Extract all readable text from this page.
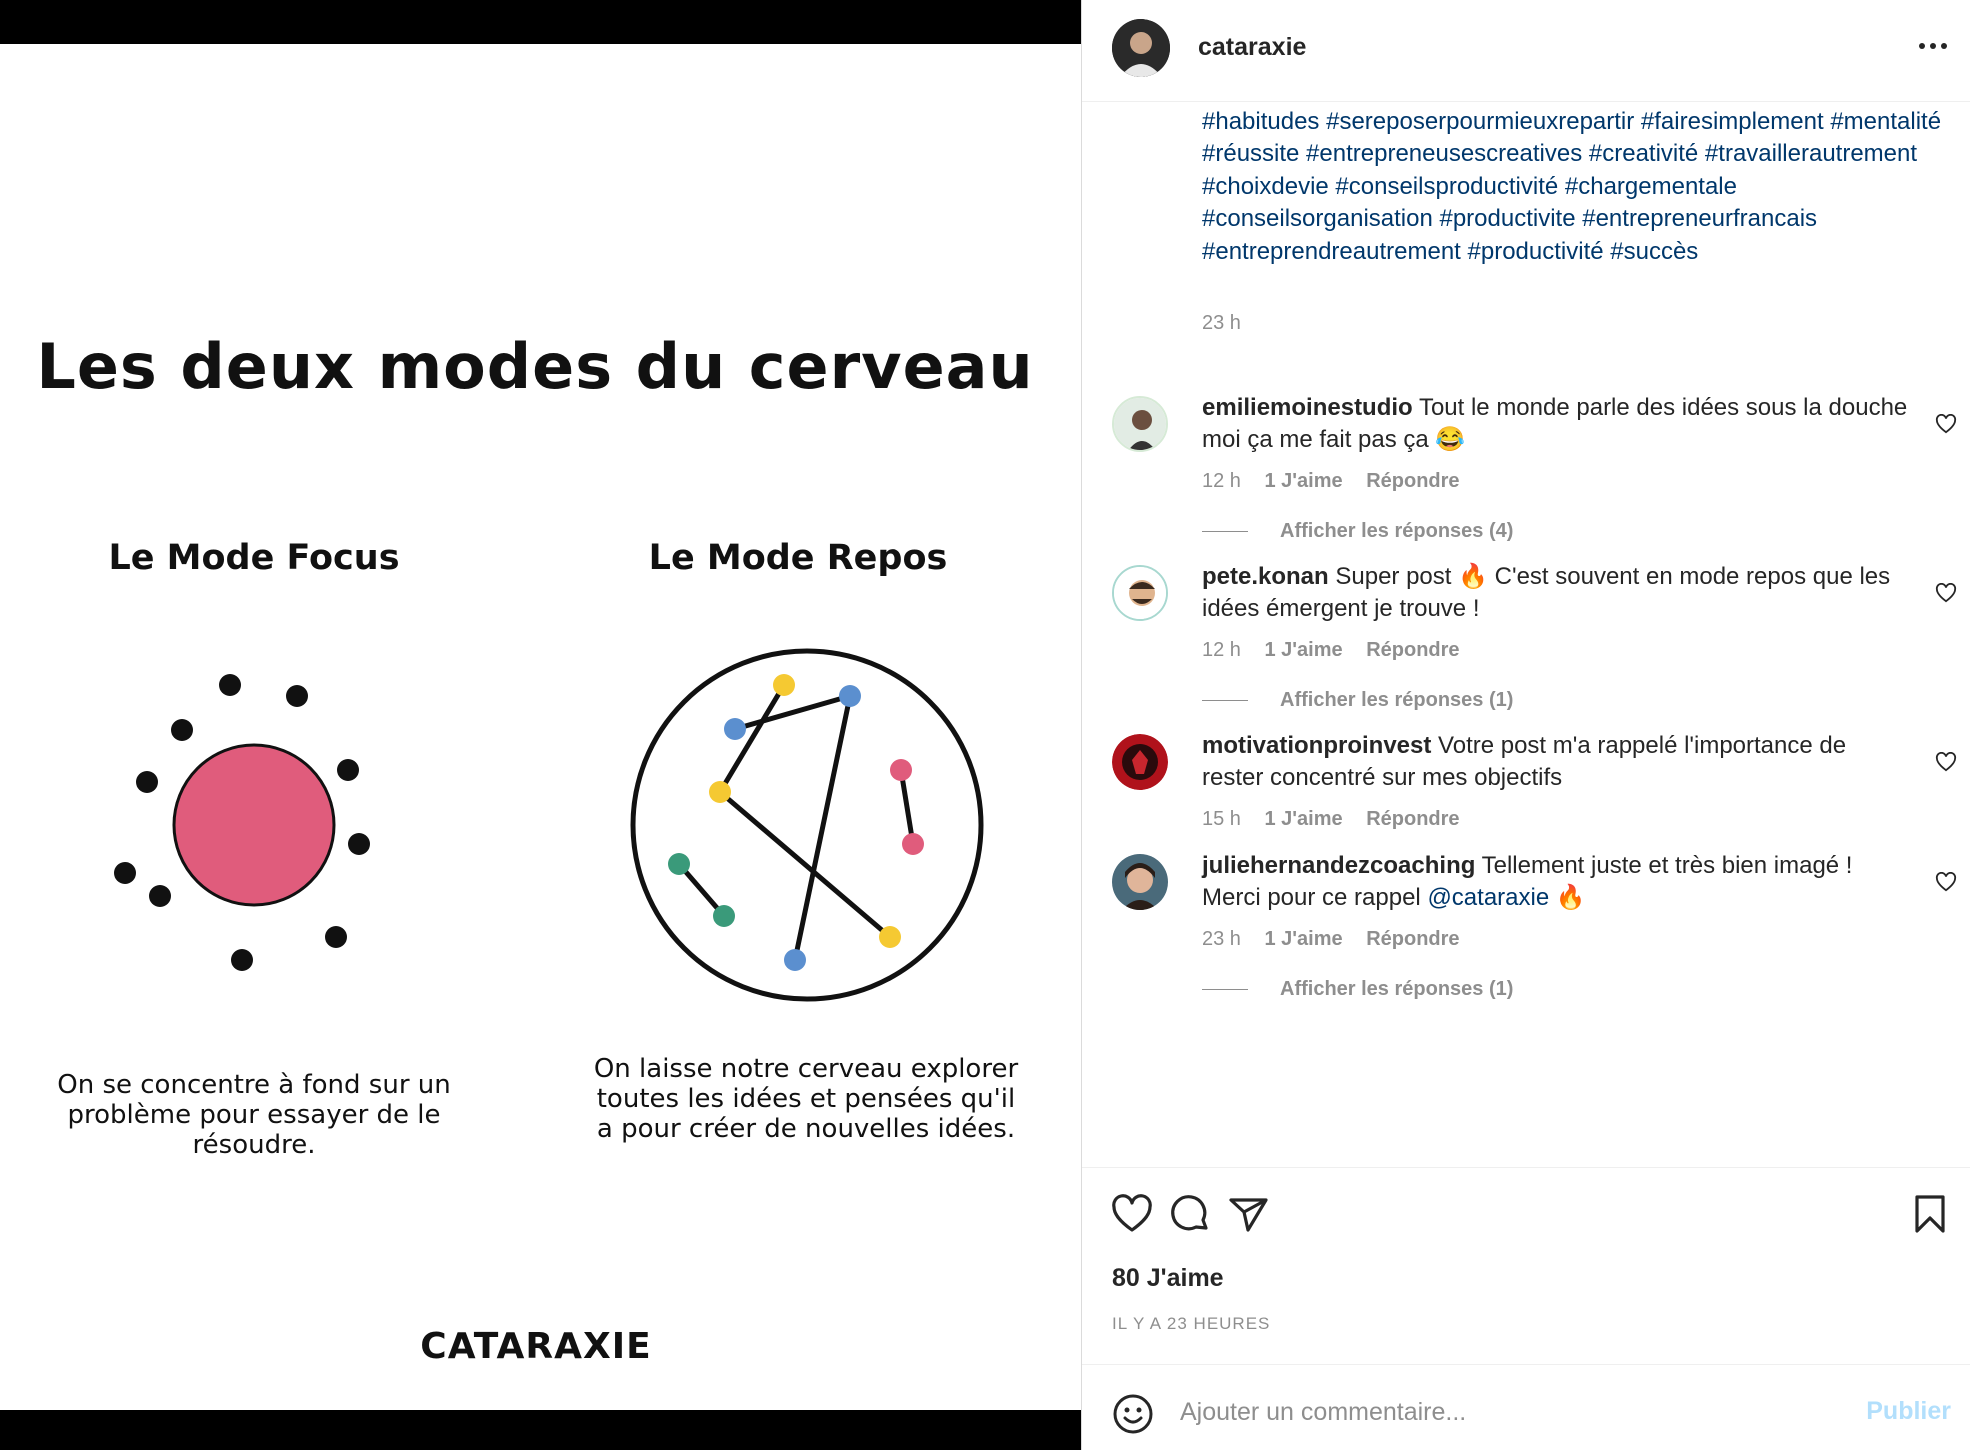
Les deux modes du cerveau
Le Mode Focus	Le Mode Repos
On se concentre à fond sur un problème pour essayer de le résoudre.
On laisse notre cerveau explorer toutes les idées et pensées qu'il a pour créer de nouvelles idées.
CATARAXIE
cataraxie
#habitudes #sereposerpourmieuxrepartir #fairesimplement #mentalité #réussite #entrepreneusescreatives #creativité #travaillerautrement #choixdevie #conseilsproductivité #chargementale #conseilsorganisation #productivite #entrepreneurfrancais #entreprendreautrement #productivité #succès
23 h
emiliemoinestudio Tout le monde parle des idées sous la douche moi ça me fait pas ça 😂
12 h 1 J'aime Répondre
Afficher les réponses (4)
pete.konan Super post 🔥 C'est souvent en mode repos que les idées émergent je trouve !
12 h 1 J'aime Répondre
Afficher les réponses (1)
motivationproinvest Votre post m'a rappelé l'importance de rester concentré sur mes objectifs
15 h 1 J'aime Répondre
juliehernandezcoaching Tellement juste et très bien imagé ! Merci pour ce rappel @cataraxie 🔥
23 h 1 J'aime Répondre
Afficher les réponses (1)
80 J'aime
IL Y A 23 HEURES
Ajouter un commentaire...
Publier
